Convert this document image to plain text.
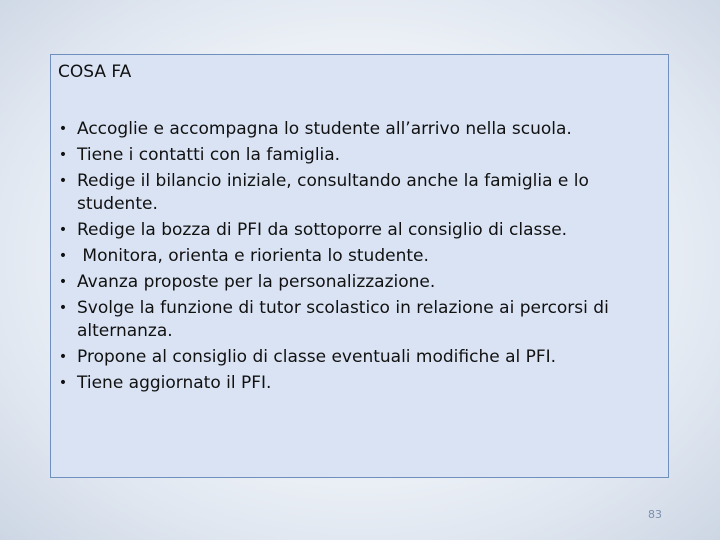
COSA FA
• Accoglie e accompagna lo studente all’arrivo nella scuola.
• Tiene i contatti con la famiglia.
• Redige il bilancio iniziale, consultando anche la famiglia e lo studente.
• Redige la bozza di PFI da sottoporre al consiglio di classe.
• Monitora, orienta e riorienta lo studente.
• Avanza proposte per la personalizzazione.
• Svolge la funzione di tutor scolastico in relazione ai percorsi di alternanza.
• Propone al consiglio di classe eventuali modifiche al PFI.
• Tiene aggiornato il PFI.
83
